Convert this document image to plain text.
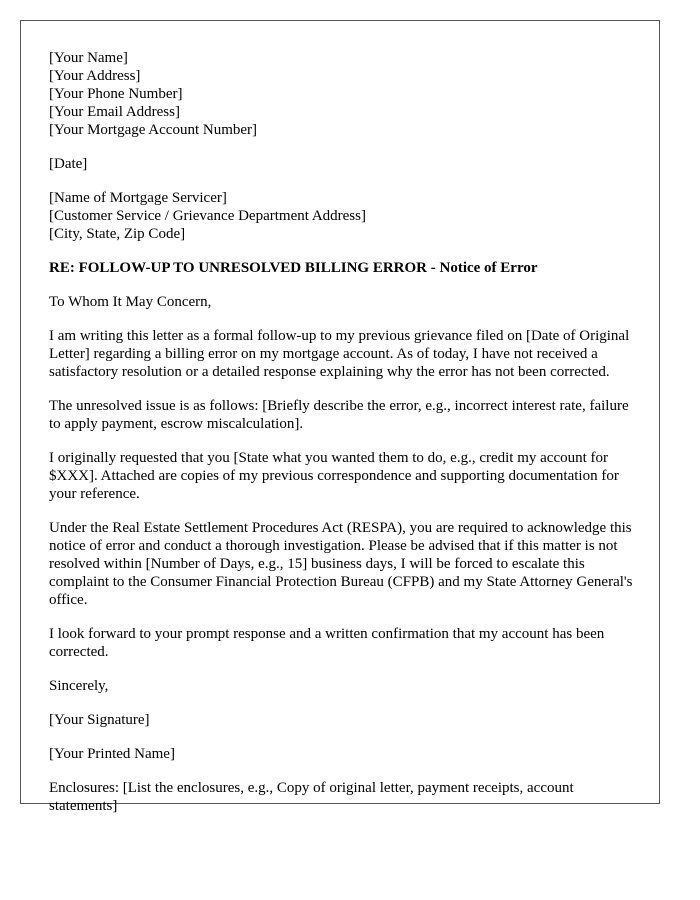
[Your Name]
[Your Address]
[Your Phone Number]
[Your Email Address]
[Your Mortgage Account Number]

[Date]

[Name of Mortgage Servicer]
[Customer Service / Grievance Department Address]
[City, State, Zip Code]

RE: FOLLOW-UP TO UNRESOLVED BILLING ERROR - Notice of Error

To Whom It May Concern,

I am writing this letter as a formal follow-up to my previous grievance filed on [Date of Original Letter] regarding a billing error on my mortgage account. As of today, I have not received a satisfactory resolution or a detailed response explaining why the error has not been corrected.

The unresolved issue is as follows: [Briefly describe the error, e.g., incorrect interest rate, failure to apply payment, escrow miscalculation].

I originally requested that you [State what you wanted them to do, e.g., credit my account for $XXX]. Attached are copies of my previous correspondence and supporting documentation for your reference.

Under the Real Estate Settlement Procedures Act (RESPA), you are required to acknowledge this notice of error and conduct a thorough investigation. Please be advised that if this matter is not resolved within [Number of Days, e.g., 15] business days, I will be forced to escalate this complaint to the Consumer Financial Protection Bureau (CFPB) and my State Attorney General's office.

I look forward to your prompt response and a written confirmation that my account has been corrected.

Sincerely,

[Your Signature]

[Your Printed Name]

Enclosures: [List the enclosures, e.g., Copy of original letter, payment receipts, account statements]
